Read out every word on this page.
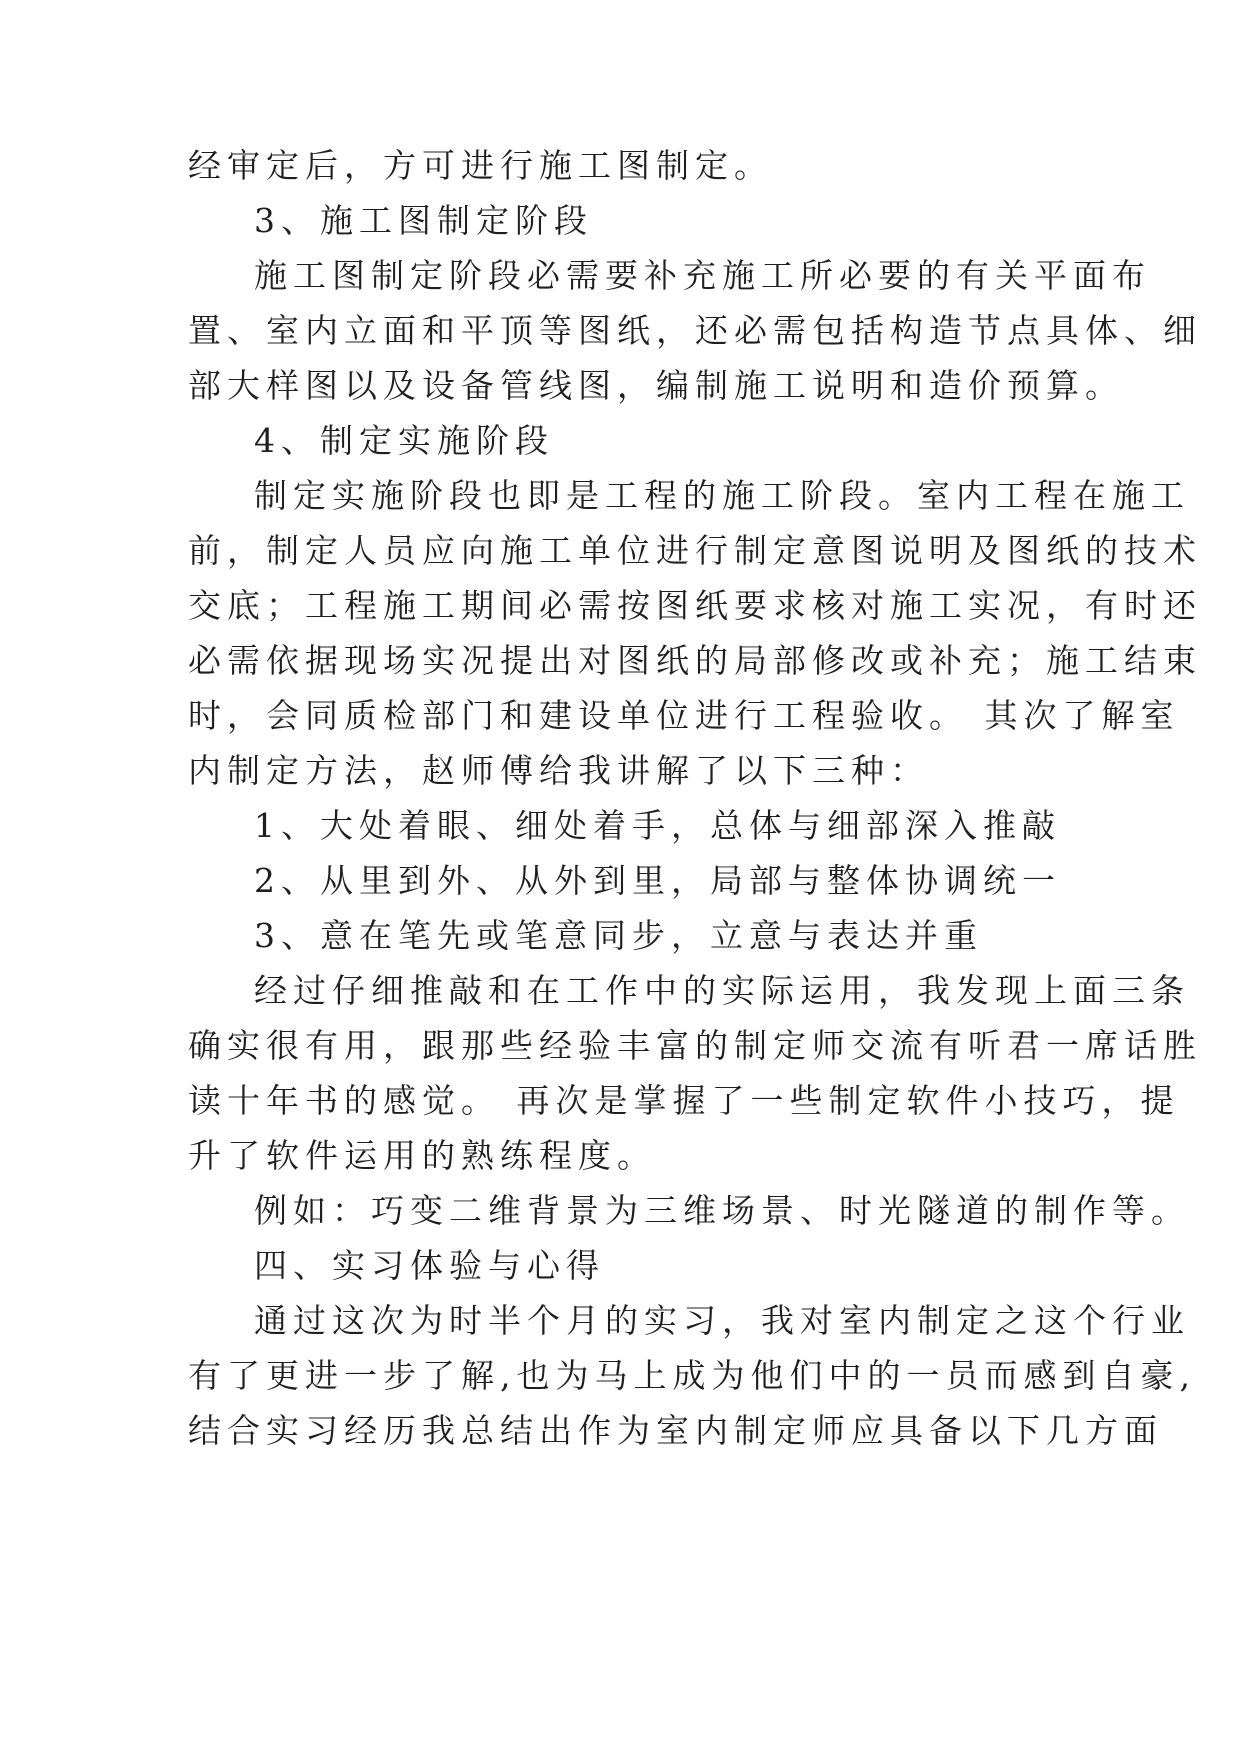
经审定后，方可进行施工图制定。
3、施工图制定阶段
施工图制定阶段必需要补充施工所必要的有关平面布
置、室内立面和平顶等图纸，还必需包括构造节点具体、细
部大样图以及设备管线图，编制施工说明和造价预算。
4、制定实施阶段
制定实施阶段也即是工程的施工阶段。室内工程在施工
前，制定人员应向施工单位进行制定意图说明及图纸的技术
交底；工程施工期间必需按图纸要求核对施工实况，有时还
必需依据现场实况提出对图纸的局部修改或补充；施工结束
时，会同质检部门和建设单位进行工程验收。 其次了解室
内制定方法，赵师傅给我讲解了以下三种：
1、大处着眼、细处着手，总体与细部深入推敲
2、从里到外、从外到里，局部与整体协调统一
3、意在笔先或笔意同步，立意与表达并重
经过仔细推敲和在工作中的实际运用，我发现上面三条
确实很有用，跟那些经验丰富的制定师交流有听君一席话胜
读十年书的感觉。 再次是掌握了一些制定软件小技巧，提
升了软件运用的熟练程度。
例如：巧变二维背景为三维场景、时光隧道的制作等。
四、实习体验与心得
通过这次为时半个月的实习，我对室内制定之这个行业
有了更进一步了解,也为马上成为他们中的一员而感到自豪,
结合实习经历我总结出作为室内制定师应具备以下几方面
